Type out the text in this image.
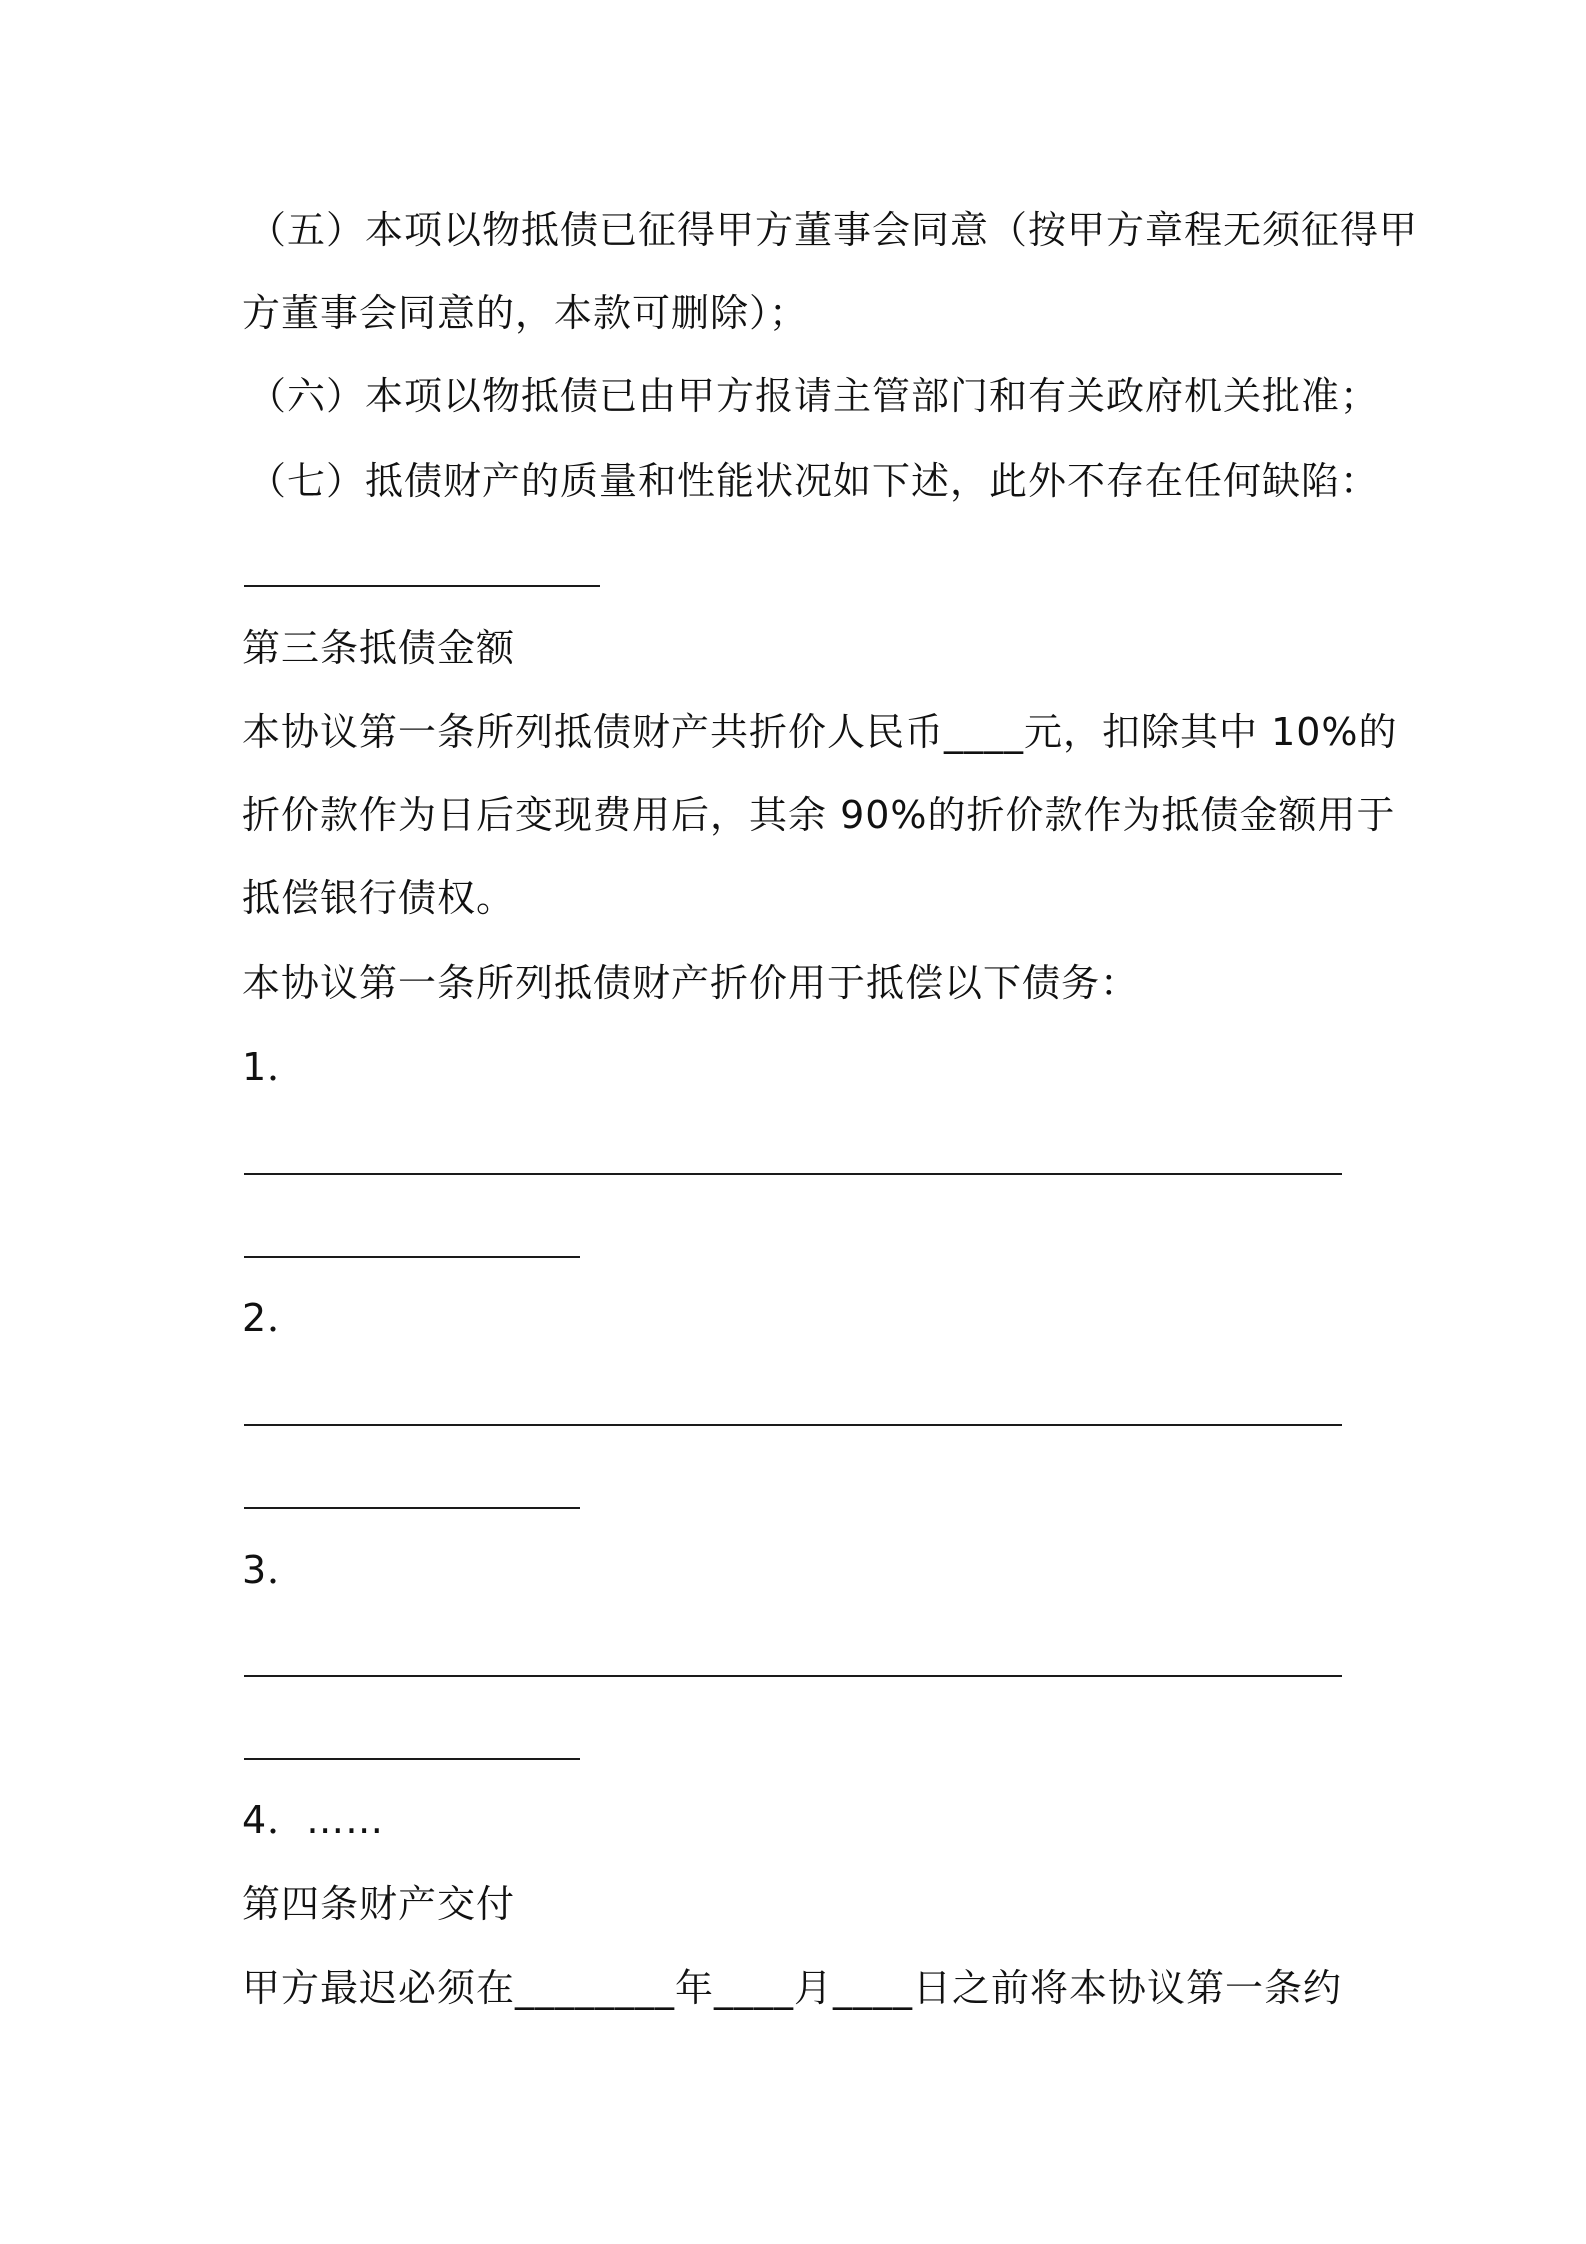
（五）本项以物抵债已征得甲方董事会同意（按甲方章程无须征得甲
方董事会同意的，本款可删除）；
（六）本项以物抵债已由甲方报请主管部门和有关政府机关批准；
（七）抵债财产的质量和性能状况如下述，此外不存在任何缺陷：
第三条抵债金额
本协议第一条所列抵债财产共折价人民币____元，扣除其中 10%的
折价款作为日后变现费用后，其余 90%的折价款作为抵债金额用于
抵偿银行债权。
本协议第一条所列抵债财产折价用于抵偿以下债务：
1．
2．
3．
4．……
第四条财产交付
甲方最迟必须在________年____月____日之前将本协议第一条约
